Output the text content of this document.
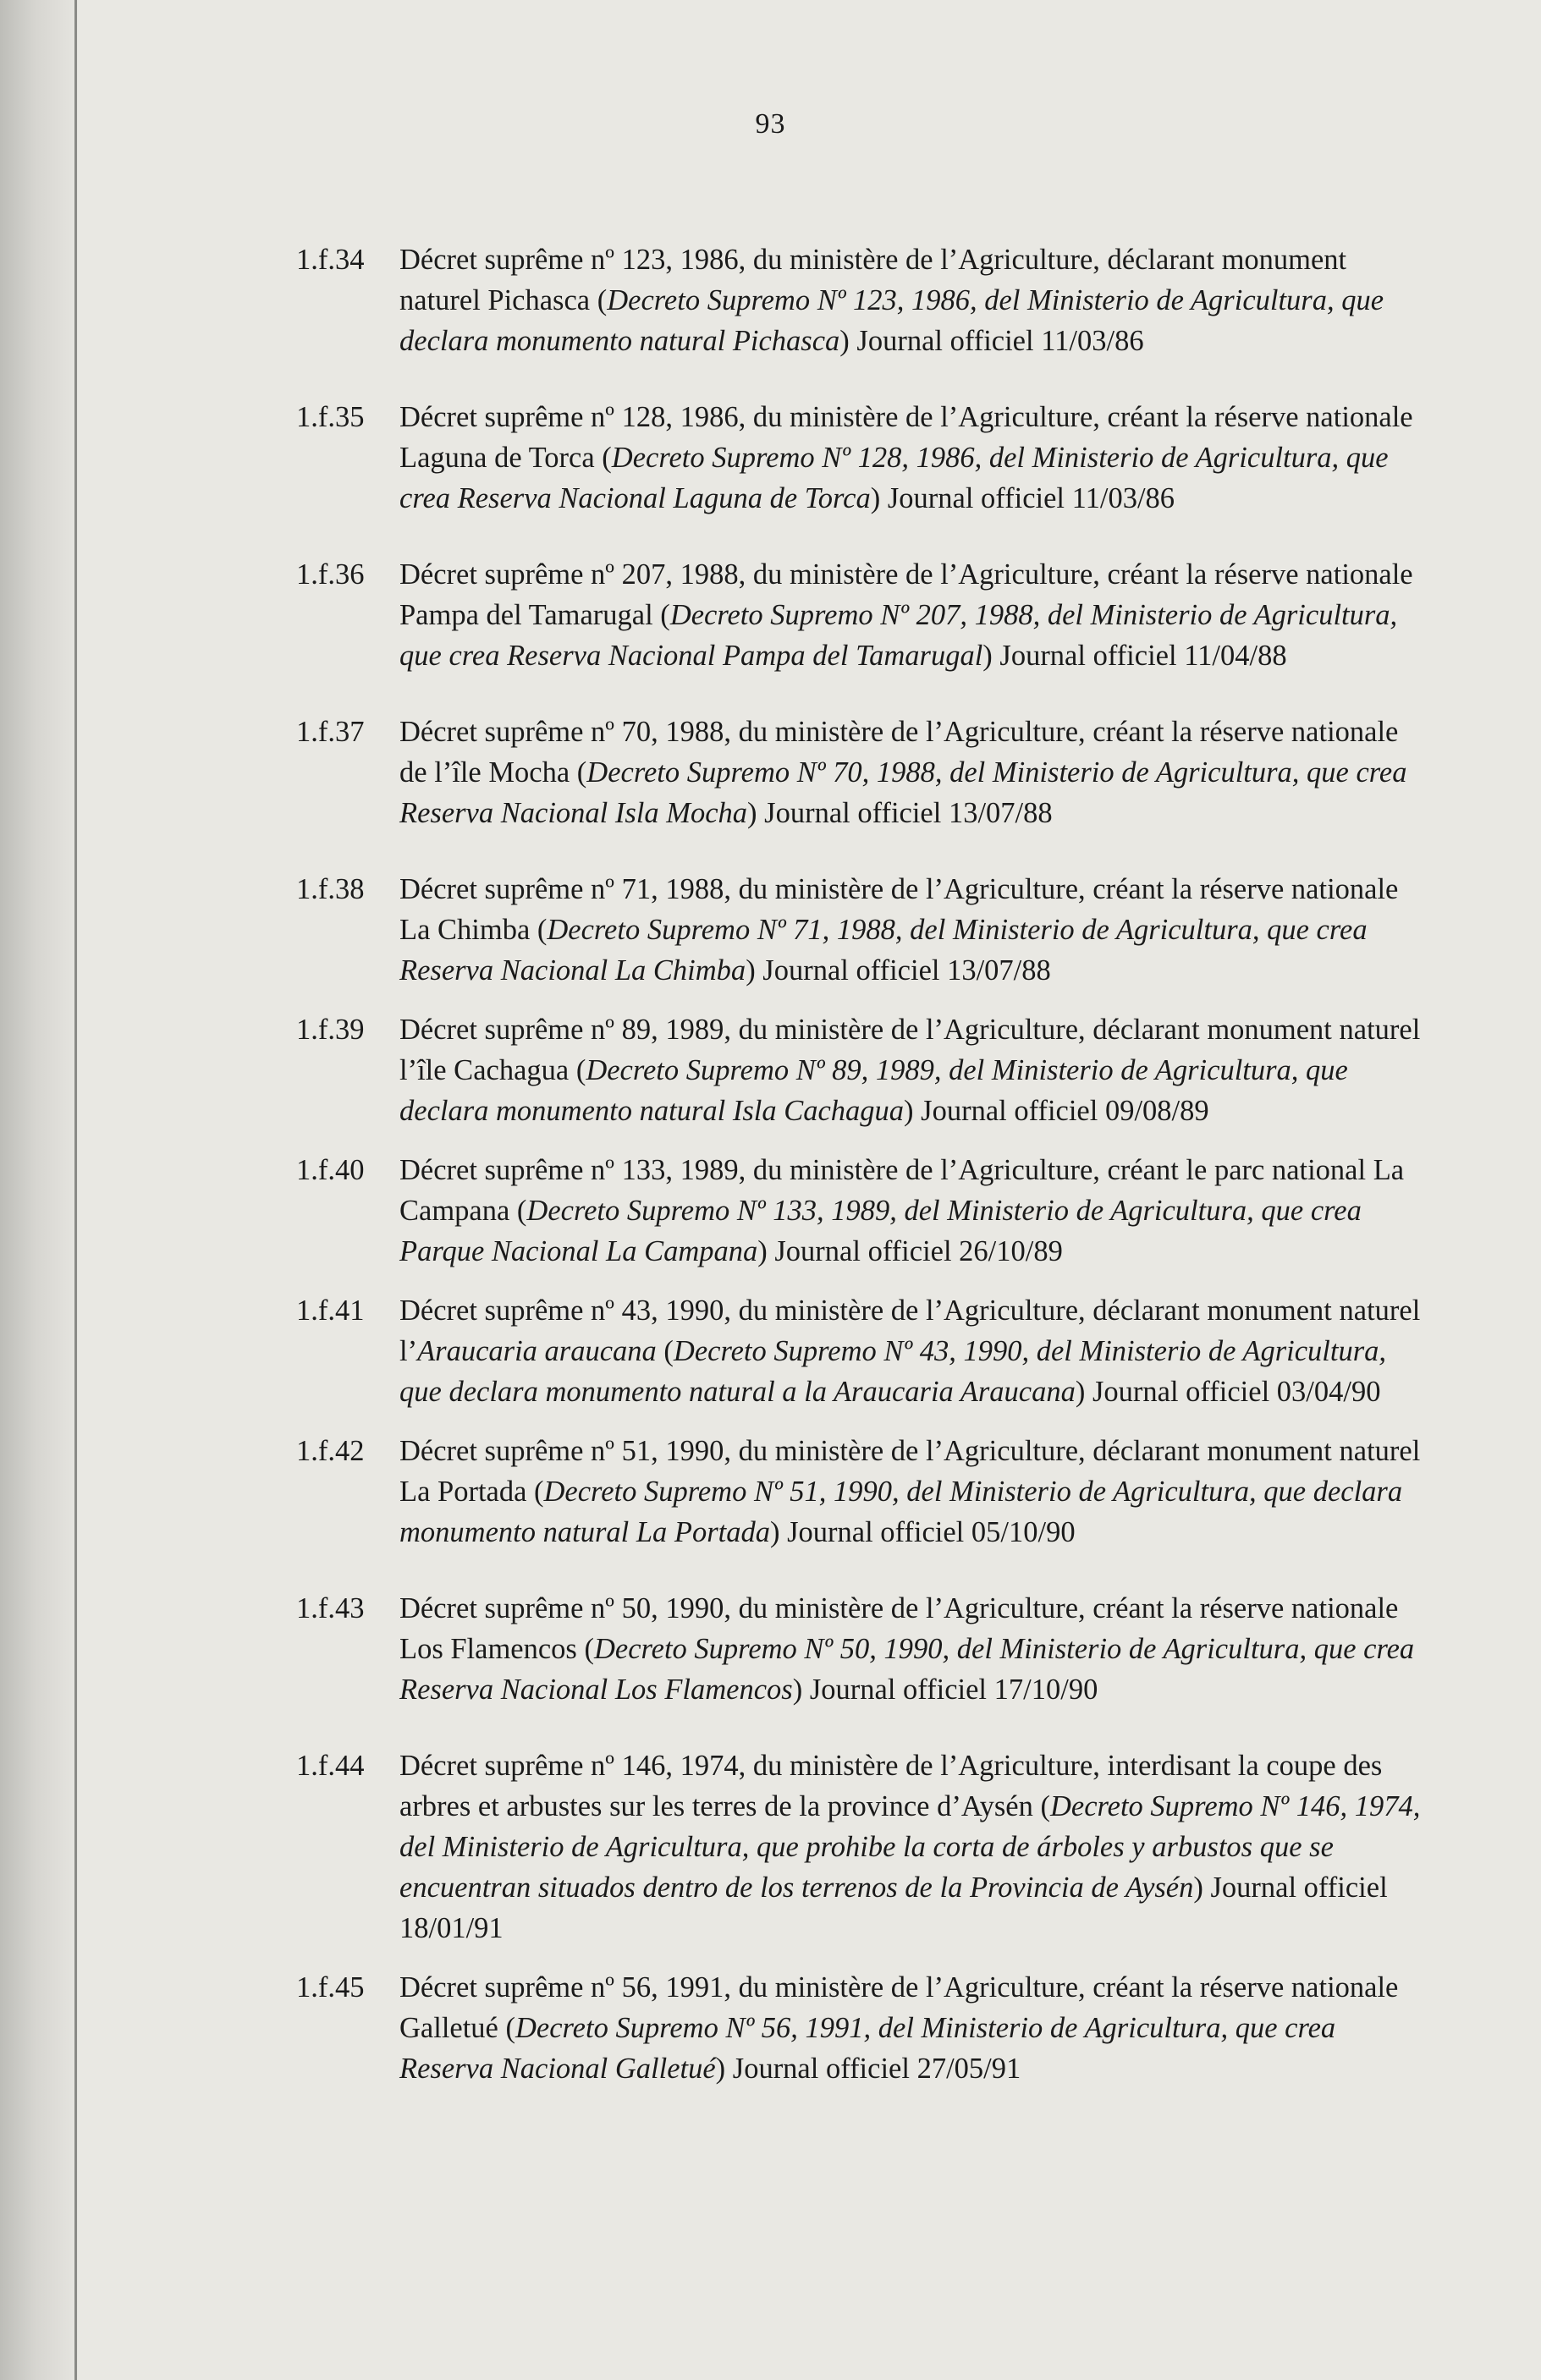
93
1.f.34	Décret suprême nº 123, 1986, du ministère de l’Agriculture, déclarant monument naturel Pichasca (Decreto Supremo Nº 123, 1986, del Ministerio de Agricultura, que declara monumento natural Pichasca) Journal officiel 11/03/86
1.f.35	Décret suprême nº 128, 1986, du ministère de l’Agriculture, créant la réserve nationale Laguna de Torca (Decreto Supremo Nº 128, 1986, del Ministerio de Agricultura, que crea Reserva Nacional Laguna de Torca) Journal officiel 11/03/86
1.f.36	Décret suprême nº 207, 1988, du ministère de l’Agriculture, créant la réserve nationale Pampa del Tamarugal (Decreto Supremo Nº 207, 1988, del Ministerio de Agricultura, que crea Reserva Nacional Pampa del Tamarugal) Journal officiel 11/04/88
1.f.37	Décret suprême nº 70, 1988, du ministère de l’Agriculture, créant la réserve nationale de l’île Mocha (Decreto Supremo Nº 70, 1988, del Ministerio de Agricultura, que crea Reserva Nacional Isla Mocha) Journal officiel 13/07/88
1.f.38	Décret suprême nº 71, 1988, du ministère de l’Agriculture, créant la réserve nationale La Chimba (Decreto Supremo Nº 71, 1988, del Ministerio de Agricultura, que crea Reserva Nacional La Chimba) Journal officiel 13/07/88
1.f.39	Décret suprême nº 89, 1989, du ministère de l’Agriculture, déclarant monument naturel l’île Cachagua (Decreto Supremo Nº 89, 1989, del Ministerio de Agricultura, que declara monumento natural Isla Cachagua) Journal officiel 09/08/89
1.f.40	Décret suprême nº 133, 1989, du ministère de l’Agriculture, créant le parc national La Campana (Decreto Supremo Nº 133, 1989, del Ministerio de Agricultura, que crea Parque Nacional La Campana) Journal officiel 26/10/89
1.f.41	Décret suprême nº 43, 1990, du ministère de l’Agriculture, déclarant monument naturel l’Araucaria araucana (Decreto Supremo Nº 43, 1990, del Ministerio de Agricultura, que declara monumento natural a la Araucaria Araucana) Journal officiel 03/04/90
1.f.42	Décret suprême nº 51, 1990, du ministère de l’Agriculture, déclarant monument naturel La Portada (Decreto Supremo Nº 51, 1990, del Ministerio de Agricultura, que declara monumento natural La Portada) Journal officiel 05/10/90
1.f.43	Décret suprême nº 50, 1990, du ministère de l’Agriculture, créant la réserve nationale Los Flamencos (Decreto Supremo Nº 50, 1990, del Ministerio de Agricultura, que crea Reserva Nacional Los Flamencos) Journal officiel 17/10/90
1.f.44	Décret suprême nº 146, 1974, du ministère de l’Agriculture, interdisant la coupe des arbres et arbustes sur les terres de la province d’Aysén (Decreto Supremo Nº 146, 1974, del Ministerio de Agricultura, que prohibe la corta de árboles y arbustos que se encuentran situados dentro de los terrenos de la Provincia de Aysén) Journal officiel 18/01/91
1.f.45	Décret suprême nº 56, 1991, du ministère de l’Agriculture, créant la réserve nationale Galletué (Decreto Supremo Nº 56, 1991, del Ministerio de Agricultura, que crea Reserva Nacional Galletué) Journal officiel 27/05/91
